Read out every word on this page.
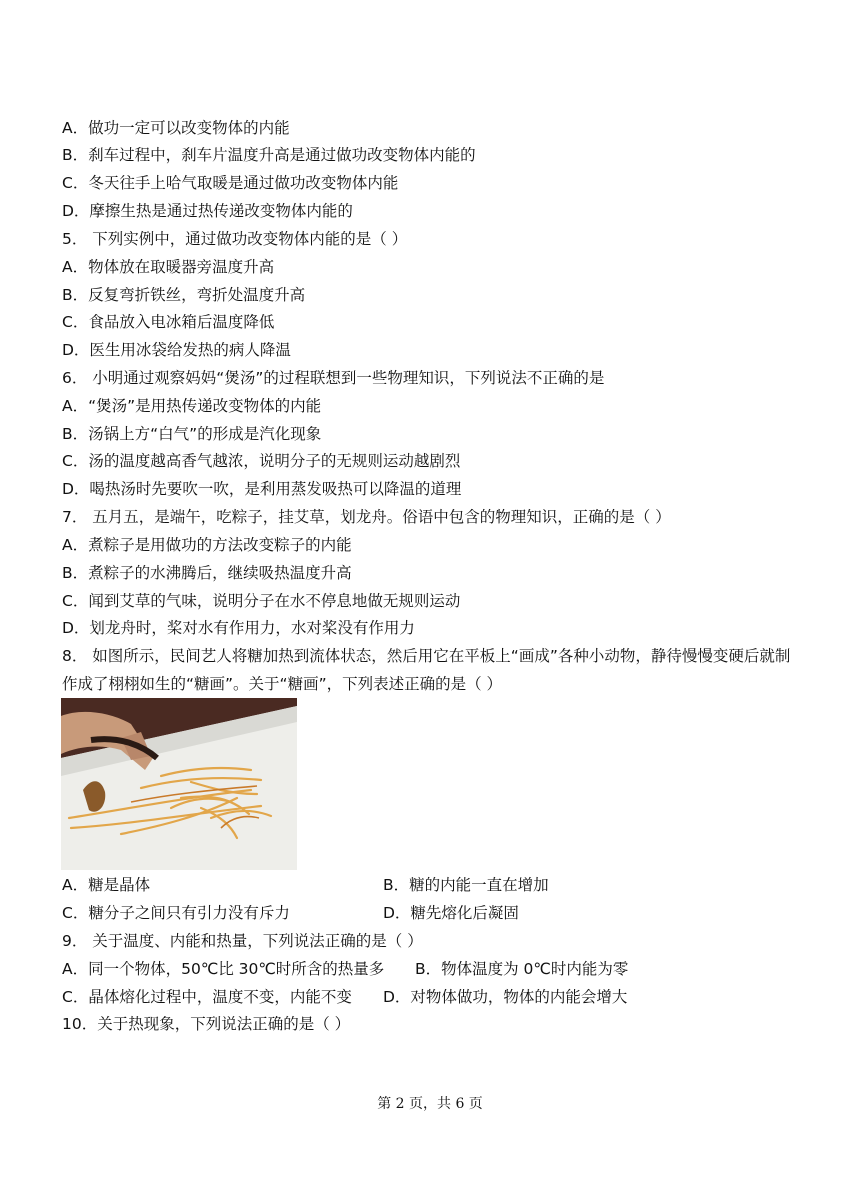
A．做功一定可以改变物体的内能
B．刹车过程中，刹车片温度升高是通过做功改变物体内能的
C．冬天往手上哈气取暖是通过做功改变物体内能
D．摩擦生热是通过热传递改变物体内能的
5． 下列实例中，通过做功改变物体内能的是（ ）
A．物体放在取暖器旁温度升高
B．反复弯折铁丝，弯折处温度升高
C．食品放入电冰箱后温度降低
D．医生用冰袋给发热的病人降温
6． 小明通过观察妈妈“煲汤”的过程联想到一些物理知识，下列说法不正确的是
A．“煲汤”是用热传递改变物体的内能
B．汤锅上方“白气”的形成是汽化现象
C．汤的温度越高香气越浓，说明分子的无规则运动越剧烈
D．喝热汤时先要吹一吹，是利用蒸发吸热可以降温的道理
7． 五月五，是端午，吃粽子，挂艾草，划龙舟。俗语中包含的物理知识，正确的是（ ）
A．煮粽子是用做功的方法改变粽子的内能
B．煮粽子的水沸腾后，继续吸热温度升高
C．闻到艾草的气味，说明分子在水不停息地做无规则运动
D．划龙舟时，桨对水有作用力，水对桨没有作用力
8． 如图所示，民间艺人将糖加热到流体状态，然后用它在平板上“画成”各种小动物，静待慢慢变硬后就制
作成了栩栩如生的“糖画”。关于“糖画”，下列表述正确的是（ ）
A．糖是晶体	B．糖的内能一直在增加
C．糖分子之间只有引力没有斥力	D．糖先熔化后凝固
9． 关于温度、内能和热量，下列说法正确的是（ ）
A．同一个物体，50℃比 30℃时所含的热量多 B．物体温度为 0℃时内能为零
C．晶体熔化过程中，温度不变，内能不变 D．对物体做功，物体的内能会增大
10．关于热现象，下列说法正确的是（ ）
第 2 页，共 6 页
